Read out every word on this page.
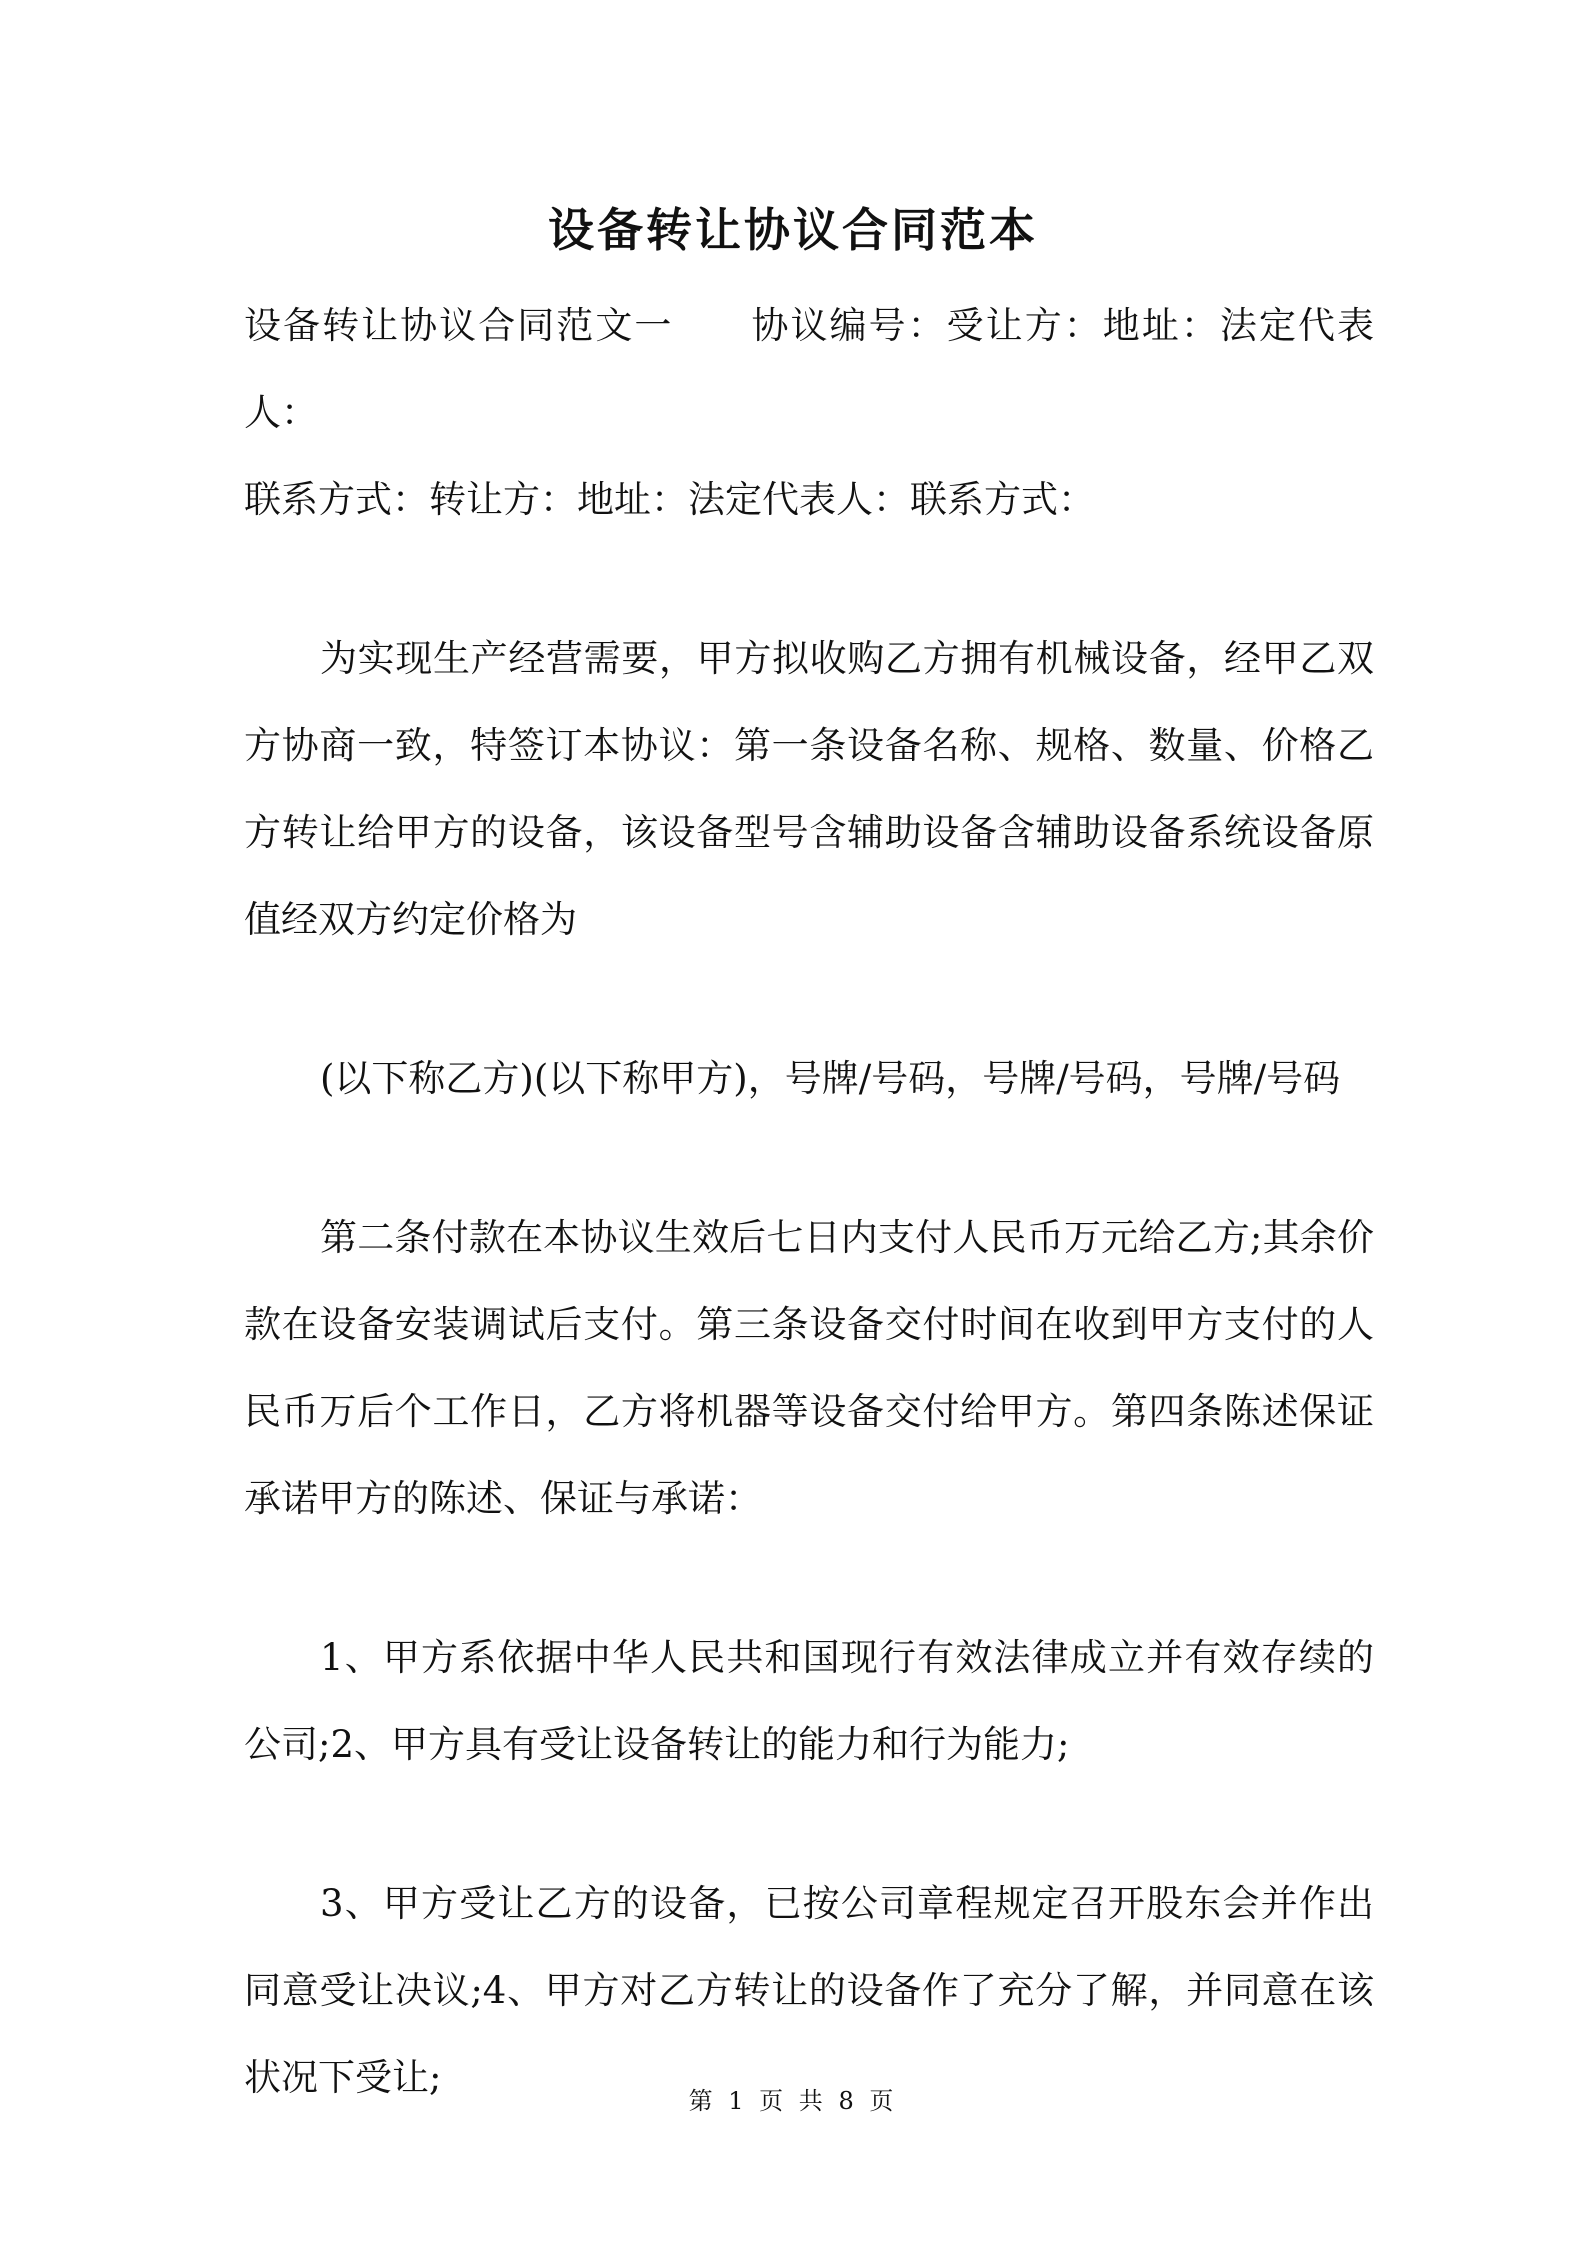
设备转让协议合同范本

设备转让协议合同范文一 协议编号：受让方：地址：法定代表人：

联系方式：转让方：地址：法定代表人：联系方式：

为实现生产经营需要，甲方拟收购乙方拥有机械设备，经甲乙双方协商一致，特签订本协议：第一条设备名称、规格、数量、价格乙方转让给甲方的设备，该设备型号含辅助设备含辅助设备系统设备原值经双方约定价格为

(以下称乙方)(以下称甲方)，号牌/号码，号牌/号码，号牌/号码

第二条付款在本协议生效后七日内支付人民币万元给乙方;其余价款在设备安装调试后支付。第三条设备交付时间在收到甲方支付的人民币万后个工作日，乙方将机器等设备交付给甲方。第四条陈述保证承诺甲方的陈述、保证与承诺：

1、甲方系依据中华人民共和国现行有效法律成立并有效存续的公司;2、甲方具有受让设备转让的能力和行为能力;

3、甲方受让乙方的设备，已按公司章程规定召开股东会并作出同意受让决议;4、甲方对乙方转让的设备作了充分了解，并同意在该状况下受让;

第 1 页 共 8 页
